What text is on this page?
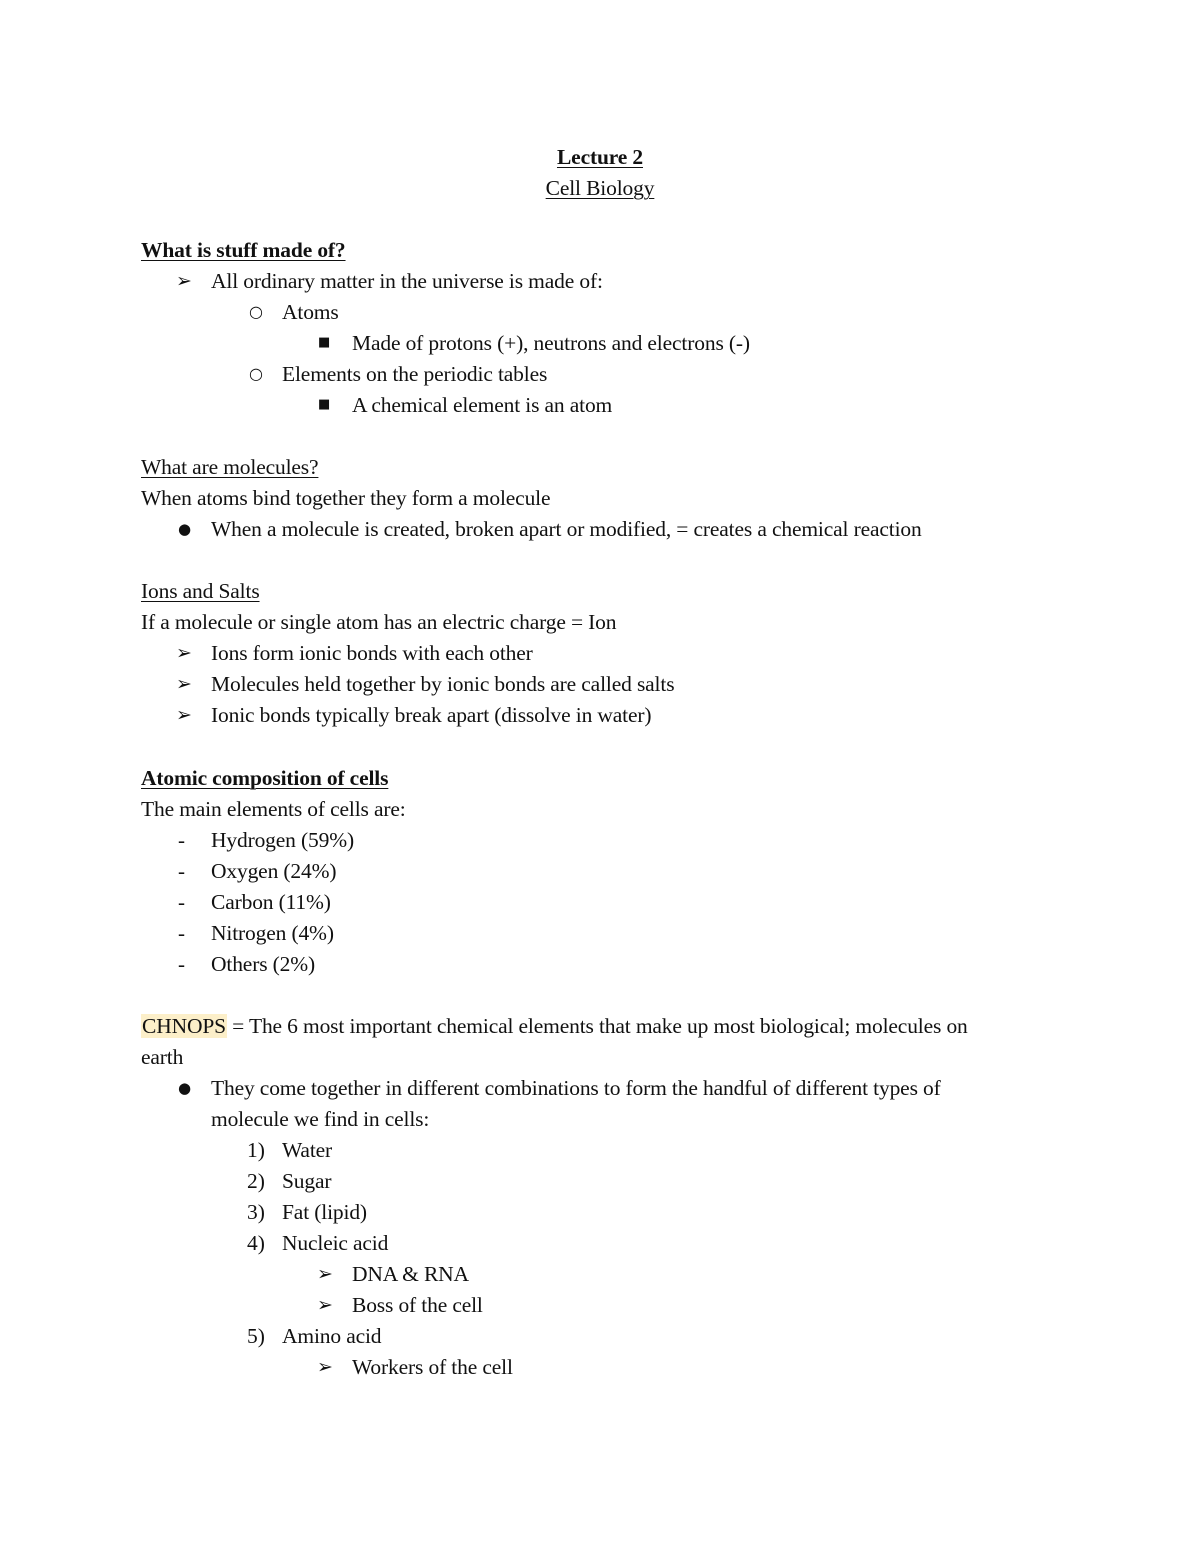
Lecture 2
Cell Biology
What is stuff made of?
➢ All ordinary matter in the universe is made of:
○ Atoms
■ Made of protons (+), neutrons and electrons (-)
○ Elements on the periodic tables
■ A chemical element is an atom
What are molecules?
When atoms bind together they form a molecule
● When a molecule is created, broken apart or modified, = creates a chemical reaction
Ions and Salts
If a molecule or single atom has an electric charge = Ion
➢ Ions form ionic bonds with each other
➢ Molecules held together by ionic bonds are called salts
➢ Ionic bonds typically break apart (dissolve in water)
Atomic composition of cells
The main elements of cells are:
- Hydrogen (59%)
- Oxygen (24%)
- Carbon (11%)
- Nitrogen (4%)
- Others (2%)
CHNOPS = The 6 most important chemical elements that make up most biological; molecules on
earth
● They come together in different combinations to form the handful of different types of
molecule we find in cells:
1) Water
2) Sugar
3) Fat (lipid)
4) Nucleic acid
➢ DNA & RNA
➢ Boss of the cell
5) Amino acid
➢ Workers of the cell
